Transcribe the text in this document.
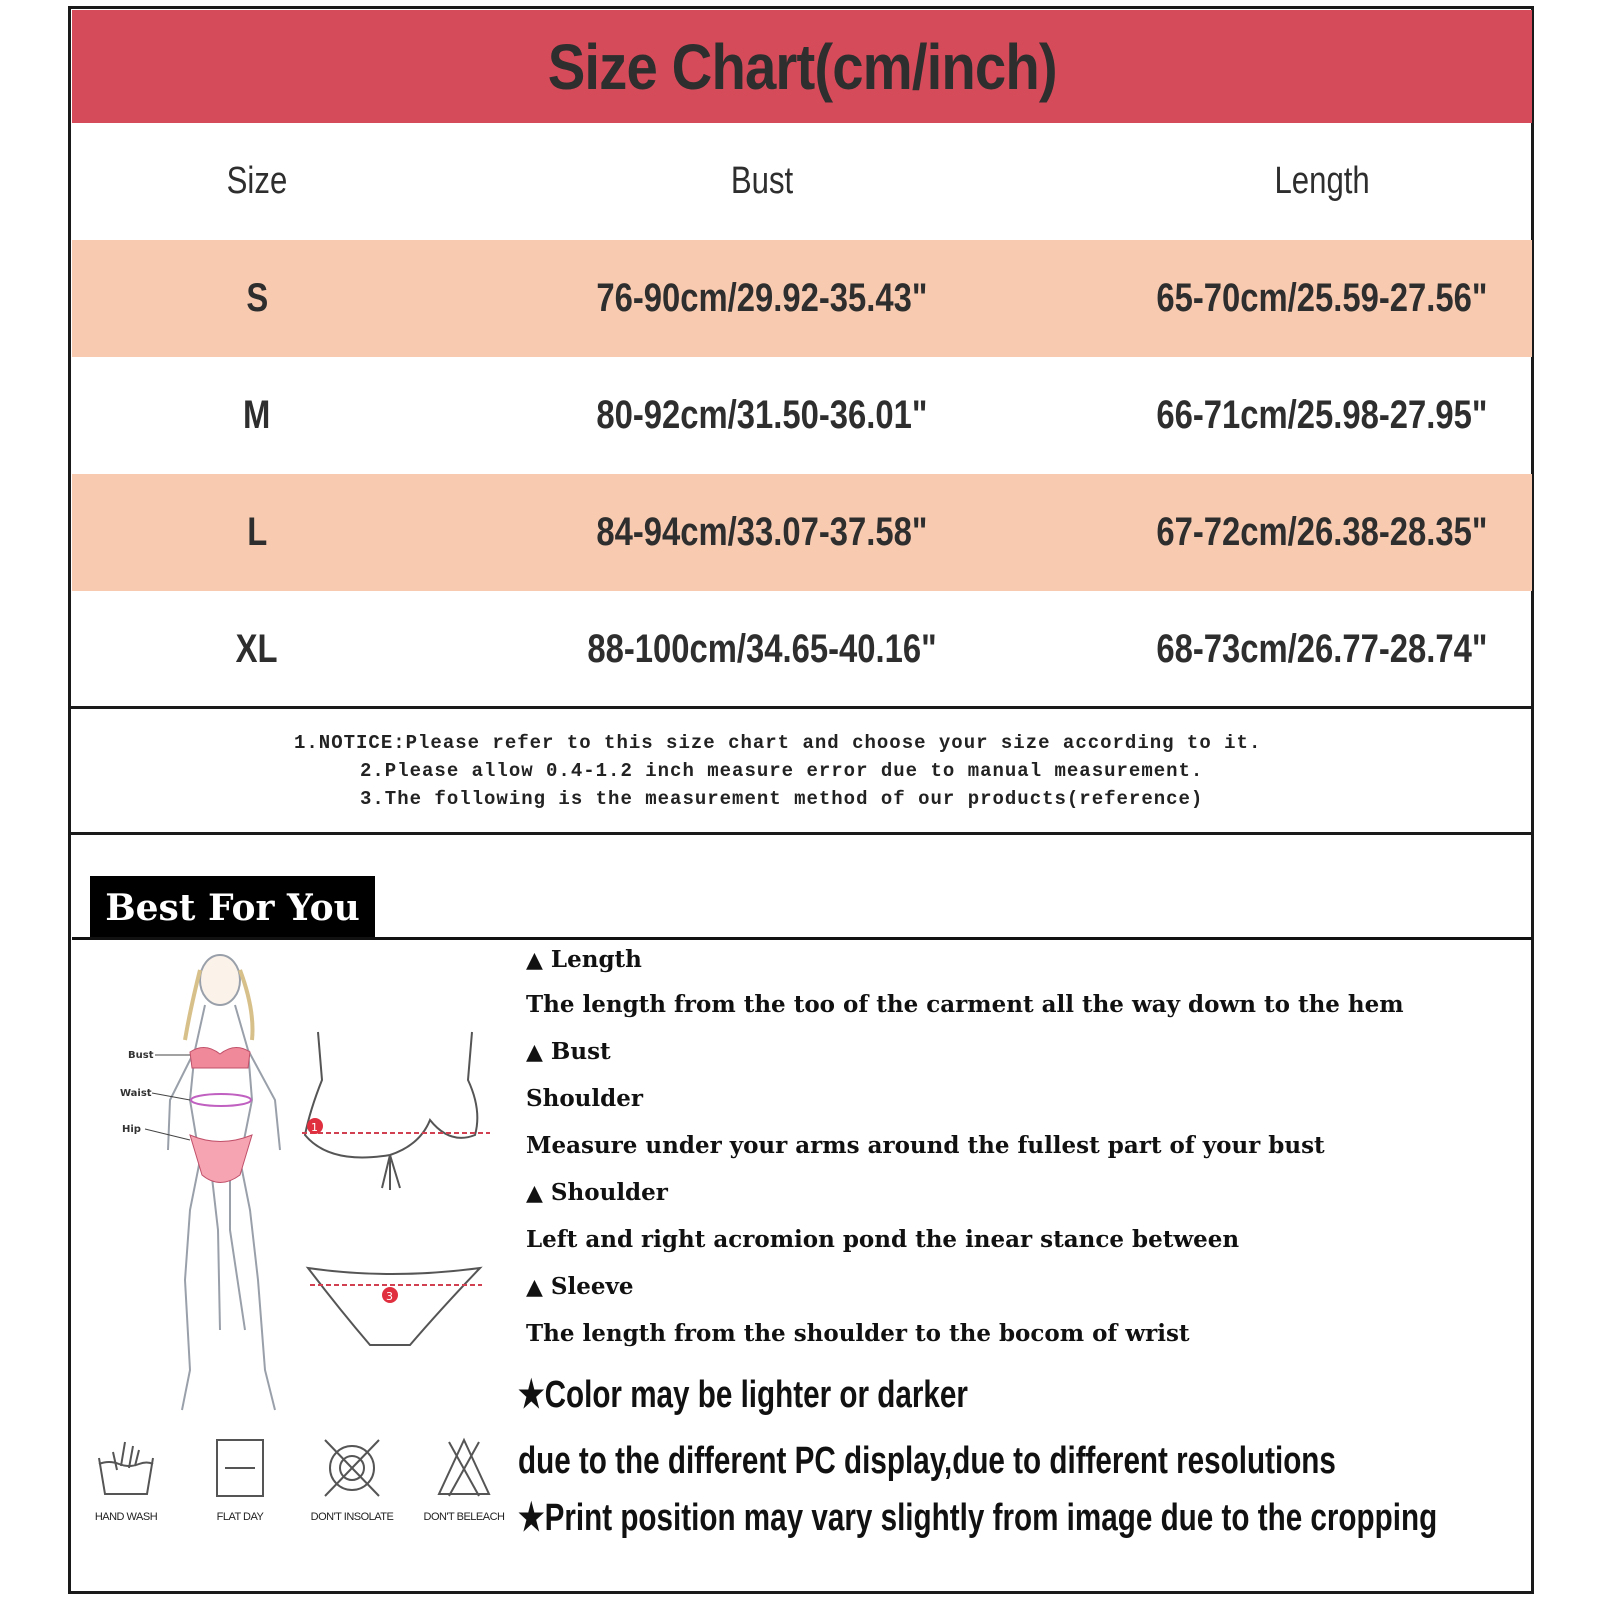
Size Chart(cm/inch)
Size	Bust	Length
S	76-90cm/29.92-35.43"	65-70cm/25.59-27.56"
M	80-92cm/31.50-36.01"	66-71cm/25.98-27.95"
L	84-94cm/33.07-37.58"	67-72cm/26.38-28.35"
XL	88-100cm/34.65-40.16"	68-73cm/26.77-28.74"

1.NOTICE:Please refer to this size chart and choose your size according to it.

2.Please allow 0.4-1.2 inch measure error due to manual measurement.

3.The following is the measurement method of our products(reference)

Best For You
Bust
Waist
Hip	1
3
▲ Length
The length from the too of the carment all the way down to the hem
▲ Bust
Shoulder
Measure under your arms around the fullest part of your bust
▲ Shoulder
Left and right acromion pond the inear stance between
▲ Sleeve
The length from the shoulder to the bocom of wrist
★Color may be lighter or darker
due to the different PC display,due to different resolutions
★Print position may vary slightly from image due to the cropping
HAND WASH	FLAT DAY	DON'T INSOLATE	DON'T BELEACH
